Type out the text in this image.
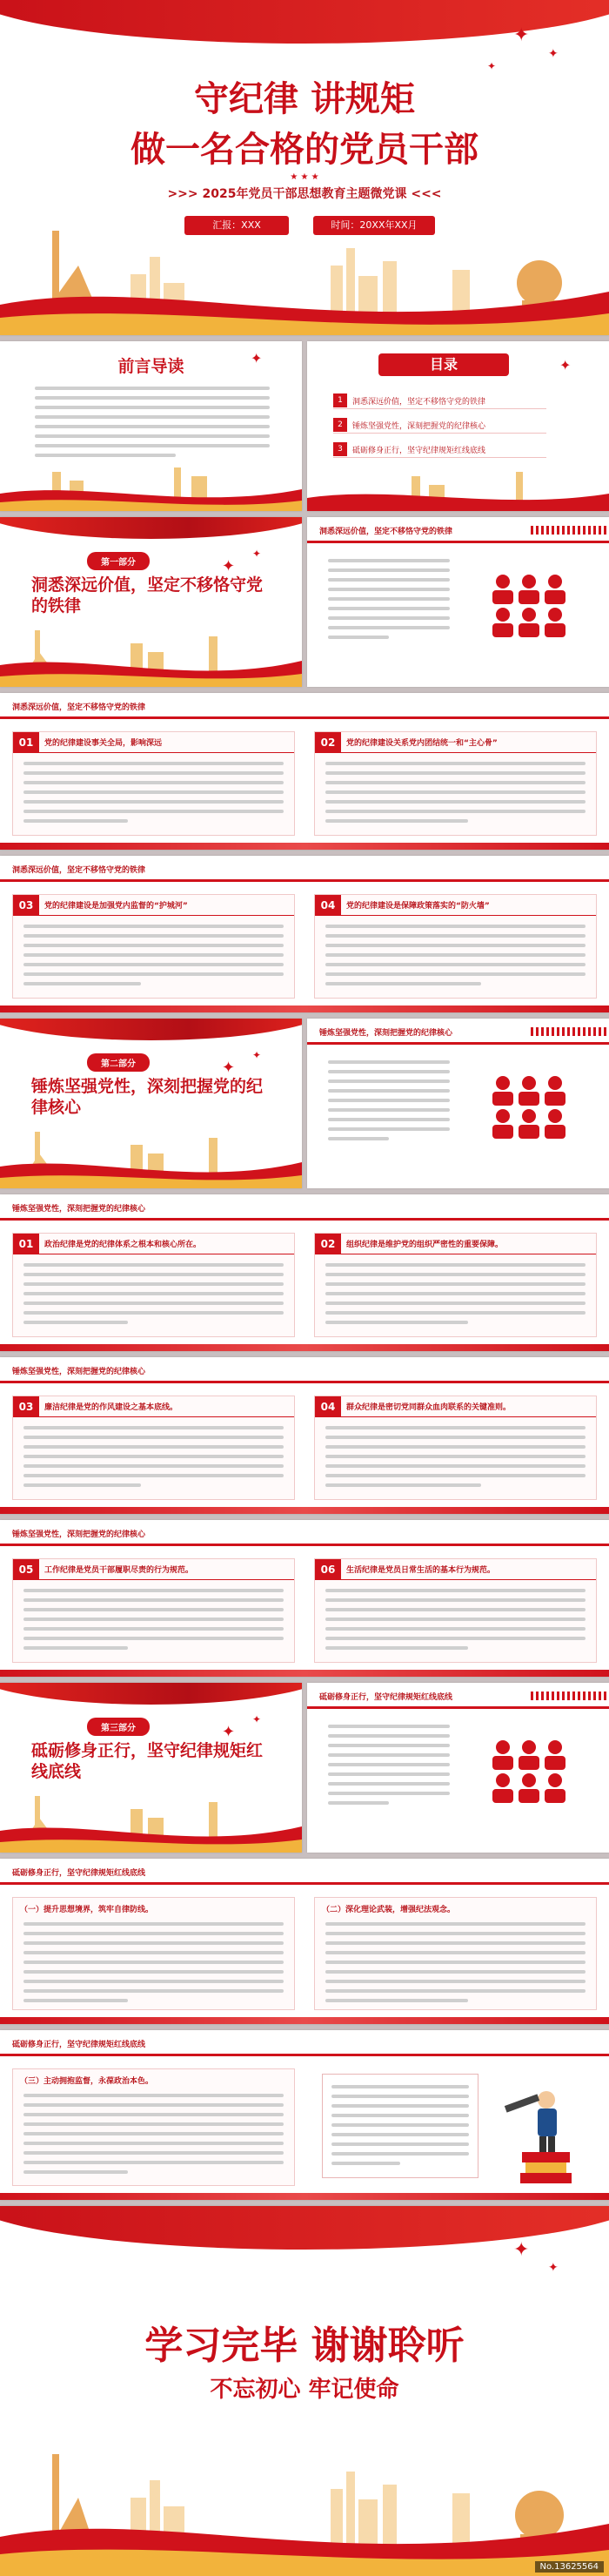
✦
✦
✦
守纪律 讲规矩
做一名合格的党员干部
★ ★ ★
>>> 2025年党员干部思想教育主题微党课 <<<
汇报：XXX	时间：20XX年XX月
前言导读	✦	目录	✦
1	洞悉深远价值，坚定不移恪守党的铁律
2	锤炼坚强党性，深刻把握党的纪律核心
3	砥砺修身正行，坚守纪律规矩红线底线
✦
✦
第一部分
洞悉深远价值，坚定不移恪守党的铁律
洞悉深远价值，坚定不移恪守党的铁律
洞悉深远价值，坚定不移恪守党的铁律
01	党的纪律建设事关全局，影响深远	02	党的纪律建设关系党内团结统一和“主心骨”
洞悉深远价值，坚定不移恪守党的铁律
03	党的纪律建设是加强党内监督的“护城河”	04	党的纪律建设是保障政策落实的“防火墙”
✦
✦
第二部分
锤炼坚强党性，深刻把握党的纪律核心
锤炼坚强党性，深刻把握党的纪律核心
锤炼坚强党性，深刻把握党的纪律核心
01	政治纪律是党的纪律体系之根本和核心所在。	02	组织纪律是维护党的组织严密性的重要保障。
锤炼坚强党性，深刻把握党的纪律核心
03	廉洁纪律是党的作风建设之基本底线。	04	群众纪律是密切党同群众血肉联系的关键准则。
锤炼坚强党性，深刻把握党的纪律核心
05	工作纪律是党员干部履职尽责的行为规范。	06	生活纪律是党员日常生活的基本行为规范。
✦
✦
第三部分
砥砺修身正行，坚守纪律规矩红线底线
砥砺修身正行，坚守纪律规矩红线底线
砥砺修身正行，坚守纪律规矩红线底线
（一）提升思想境界，筑牢自律防线。	（二）深化理论武装，增强纪法观念。
砥砺修身正行，坚守纪律规矩红线底线
（三）主动拥抱监督，永葆政治本色。
✦
✦
学习完毕 谢谢聆听
不忘初心 牢记使命
No.13625564
